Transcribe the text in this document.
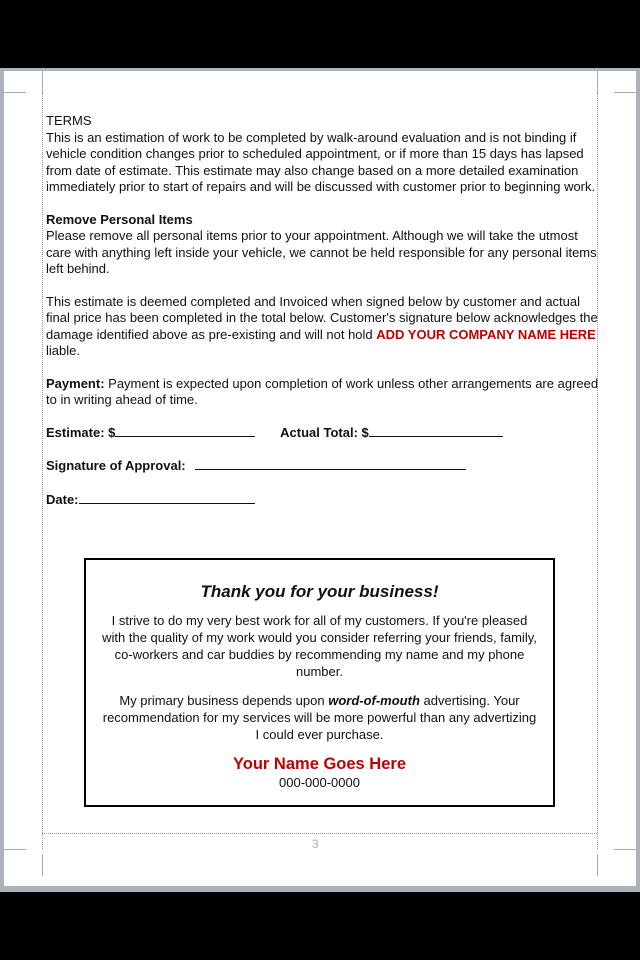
TERMS

This is an estimation of work to be completed by walk-around evaluation and is not binding if vehicle condition changes prior to scheduled appointment, or if more than 15 days has lapsed from date of estimate. This estimate may also change based on a more detailed examination immediately prior to start of repairs and will be discussed with customer prior to beginning work.

Remove Personal Items

Please remove all personal items prior to your appointment. Although we will take the utmost care with anything left inside your vehicle, we cannot be held responsible for any personal items left behind.

This estimate is deemed completed and Invoiced when signed below by customer and actual final price has been completed in the total below. Customer's signature below acknowledges the damage identified above as pre-existing and will not hold ADD YOUR COMPANY NAME HERE liable.

Payment: Payment is expected upon completion of work unless other arrangements are agreed to in writing ahead of time.

Estimate: $	Actual Total: $
Signature of Approval:
Date:
Thank you for your business!
I strive to do my very best work for all of my customers. If you're pleased with the quality of my work would you consider referring your friends, family, co-workers and car buddies by recommending my name and my phone number.
My primary business depends upon word-of-mouth advertising. Your recommendation for my services will be more powerful than any advertizing I could ever purchase.
Your Name Goes Here
000-000-0000
3
